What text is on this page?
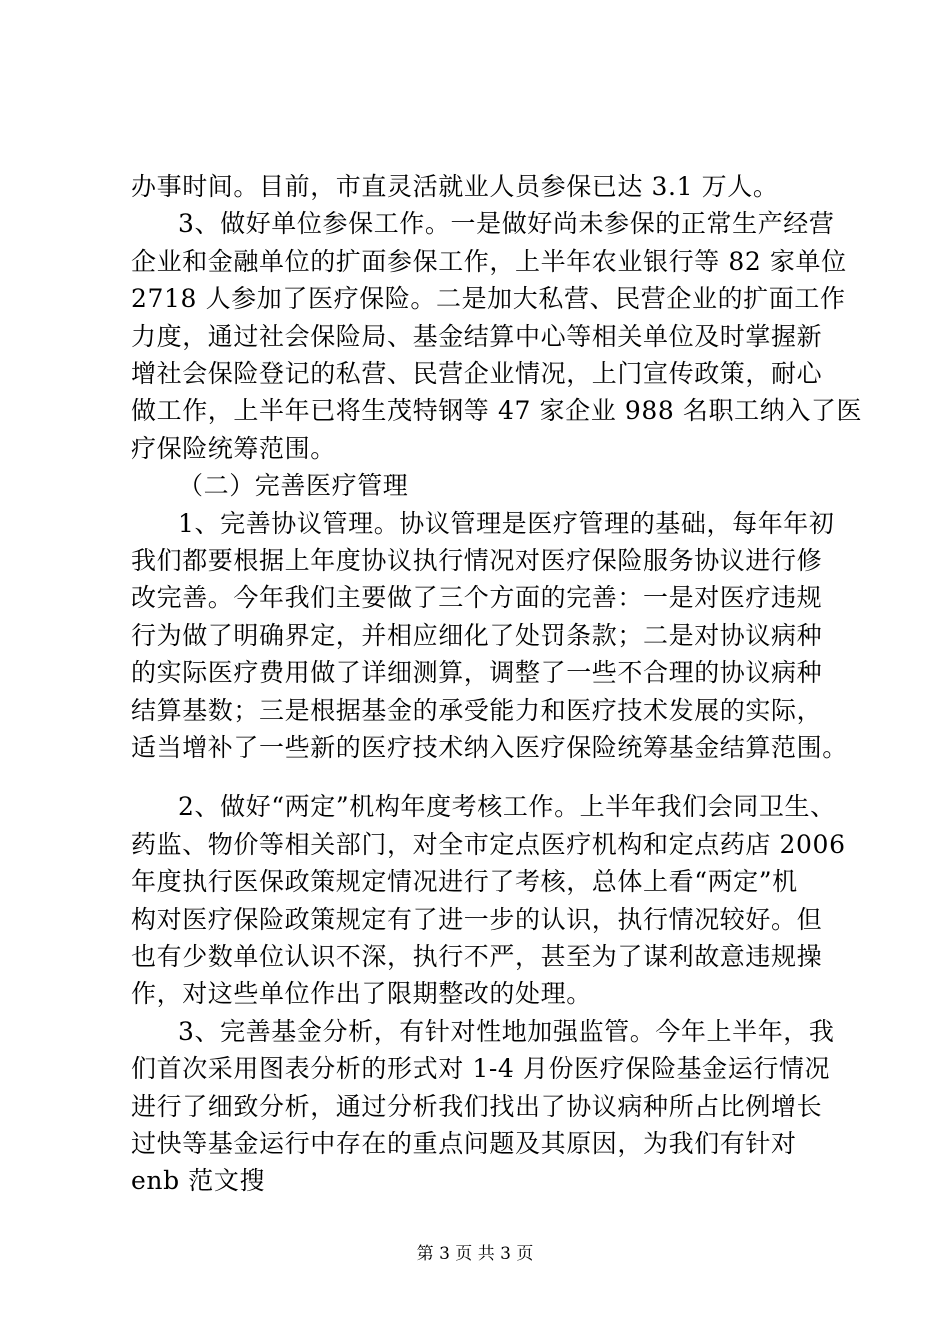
办事时间。目前，市直灵活就业人员参保已达 3.1 万人。
3、做好单位参保工作。一是做好尚未参保的正常生产经营
企业和金融单位的扩面参保工作，上半年农业银行等 82 家单位
2718 人参加了医疗保险。二是加大私营、民营企业的扩面工作
力度，通过社会保险局、基金结算中心等相关单位及时掌握新
增社会保险登记的私营、民营企业情况，上门宣传政策，耐心
做工作，上半年已将生茂特钢等 47 家企业 988 名职工纳入了医
疗保险统筹范围。
（二）完善医疗管理
1、完善协议管理。协议管理是医疗管理的基础，每年年初
我们都要根据上年度协议执行情况对医疗保险服务协议进行修
改完善。今年我们主要做了三个方面的完善：一是对医疗违规
行为做了明确界定，并相应细化了处罚条款；二是对协议病种
的实际医疗费用做了详细测算，调整了一些不合理的协议病种
结算基数；三是根据基金的承受能力和医疗技术发展的实际，
适当增补了一些新的医疗技术纳入医疗保险统筹基金结算范围。
2、做好“两定”机构年度考核工作。上半年我们会同卫生、
药监、物价等相关部门，对全市定点医疗机构和定点药店 2006
年度执行医保政策规定情况进行了考核，总体上看“两定”机
构对医疗保险政策规定有了进一步的认识，执行情况较好。但
也有少数单位认识不深，执行不严，甚至为了谋利故意违规操
作，对这些单位作出了限期整改的处理。
3、完善基金分析，有针对性地加强监管。今年上半年，我
们首次采用图表分析的形式对 1-4 月份医疗保险基金运行情况
进行了细致分析，通过分析我们找出了协议病种所占比例增长
过快等基金运行中存在的重点问题及其原因，为我们有针对
enb 范文搜
第 3 页 共 3 页
